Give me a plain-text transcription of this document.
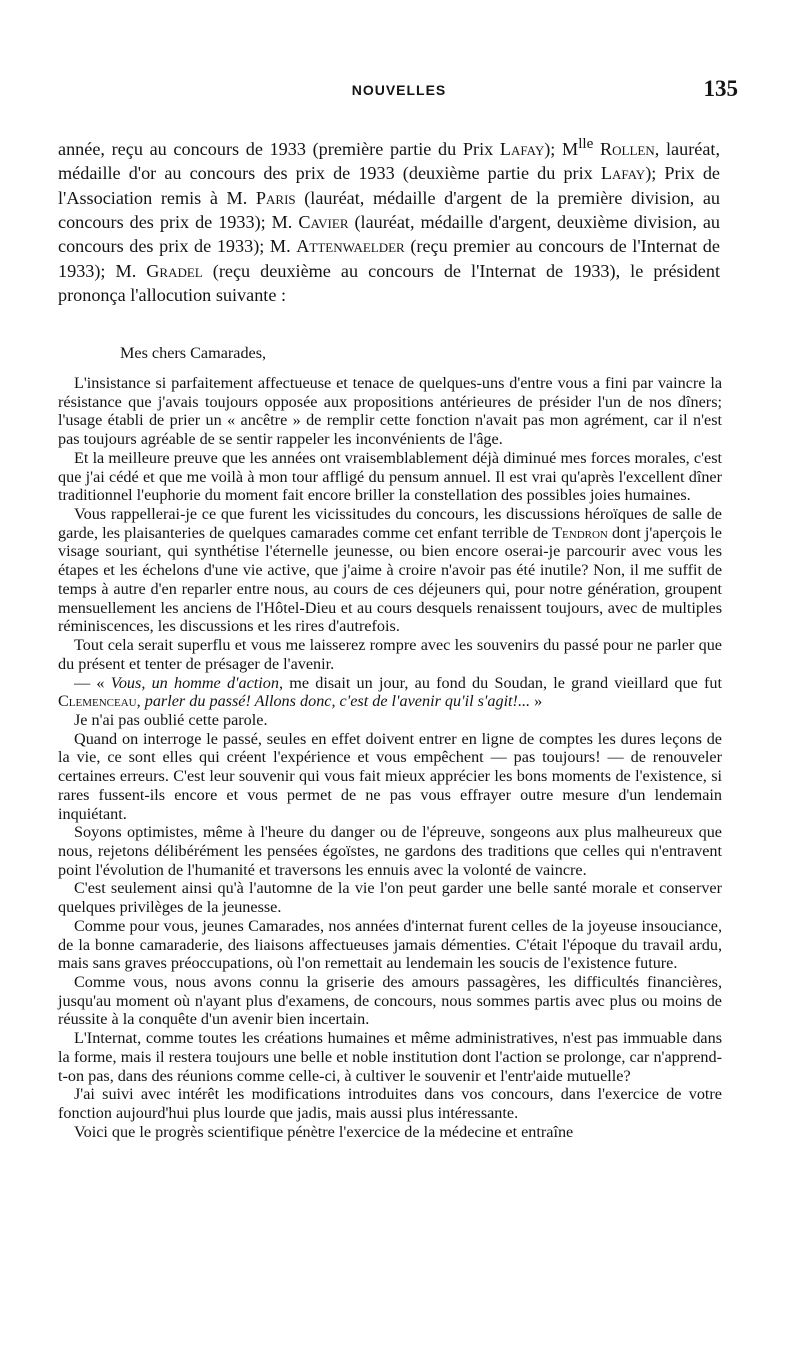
NOUVELLES	135

année, reçu au concours de 1933 (première partie du Prix Lafay); $M^{lle}$ Rollen, lauréat, médaille d'or au concours des prix de 1933 (deuxième partie du prix Lafay); Prix de l'Association remis à M. Paris (lauréat, médaille d'argent de la première division, au concours des prix de 1933); M. Cavier (lauréat, médaille d'argent, deuxième division, au concours des prix de 1933); M. Attenwaelder (reçu premier au concours de l'Internat de 1933); M. Gradel (reçu deuxième au concours de l'Internat de 1933), le président prononça l'allocution suivante :

Mes chers Camarades,

L'insistance si parfaitement affectueuse et tenace de quelques-uns d'entre vous a fini par vaincre la résistance que j'avais toujours opposée aux propositions antérieures de présider l'un de nos dîners; l'usage établi de prier un « ancêtre » de remplir cette fonction n'avait pas mon agrément, car il n'est pas toujours agréable de se sentir rappeler les inconvénients de l'âge.

Et la meilleure preuve que les années ont vraisemblablement déjà diminué mes forces morales, c'est que j'ai cédé et que me voilà à mon tour affligé du pensum annuel. Il est vrai qu'après l'excellent dîner traditionnel l'euphorie du moment fait encore briller la constellation des possibles joies humaines.

Vous rappellerai-je ce que furent les vicissitudes du concours, les discussions héroïques de salle de garde, les plaisanteries de quelques camarades comme cet enfant terrible de Tendron dont j'aperçois le visage souriant, qui synthétise l'éternelle jeunesse, ou bien encore oserai-je parcourir avec vous les étapes et les échelons d'une vie active, que j'aime à croire n'avoir pas été inutile? Non, il me suffit de temps à autre d'en reparler entre nous, au cours de ces déjeuners qui, pour notre génération, groupent mensuellement les anciens de l'Hôtel-Dieu et au cours desquels renaissent toujours, avec de multiples réminiscences, les discussions et les rires d'autrefois.

Tout cela serait superflu et vous me laisserez rompre avec les souvenirs du passé pour ne parler que du présent et tenter de présager de l'avenir.

— « Vous, un homme d'action, me disait un jour, au fond du Soudan, le grand vieillard que fut Clemenceau, parler du passé! Allons donc, c'est de l'avenir qu'il s'agit!... »

Je n'ai pas oublié cette parole.

Quand on interroge le passé, seules en effet doivent entrer en ligne de comptes les dures leçons de la vie, ce sont elles qui créent l'expérience et vous empêchent — pas toujours! — de renouveler certaines erreurs. C'est leur souvenir qui vous fait mieux apprécier les bons moments de l'existence, si rares fussent-ils encore et vous permet de ne pas vous effrayer outre mesure d'un lendemain inquiétant.

Soyons optimistes, même à l'heure du danger ou de l'épreuve, songeons aux plus malheureux que nous, rejetons délibérément les pensées égoïstes, ne gardons des traditions que celles qui n'entravent point l'évolution de l'humanité et traversons les ennuis avec la volonté de vaincre.

C'est seulement ainsi qu'à l'automne de la vie l'on peut garder une belle santé morale et conserver quelques privilèges de la jeunesse.

Comme pour vous, jeunes Camarades, nos années d'internat furent celles de la joyeuse insouciance, de la bonne camaraderie, des liaisons affectueuses jamais démenties. C'était l'époque du travail ardu, mais sans graves préoccupations, où l'on remettait au lendemain les soucis de l'existence future.

Comme vous, nous avons connu la griserie des amours passagères, les difficultés financières, jusqu'au moment où n'ayant plus d'examens, de concours, nous sommes partis avec plus ou moins de réussite à la conquête d'un avenir bien incertain.

L'Internat, comme toutes les créations humaines et même administratives, n'est pas immuable dans la forme, mais il restera toujours une belle et noble institution dont l'action se prolonge, car n'apprend-t-on pas, dans des réunions comme celle-ci, à cultiver le souvenir et l'entr'aide mutuelle?

J'ai suivi avec intérêt les modifications introduites dans vos concours, dans l'exercice de votre fonction aujourd'hui plus lourde que jadis, mais aussi plus intéressante.

Voici que le progrès scientifique pénètre l'exercice de la médecine et entraîne
